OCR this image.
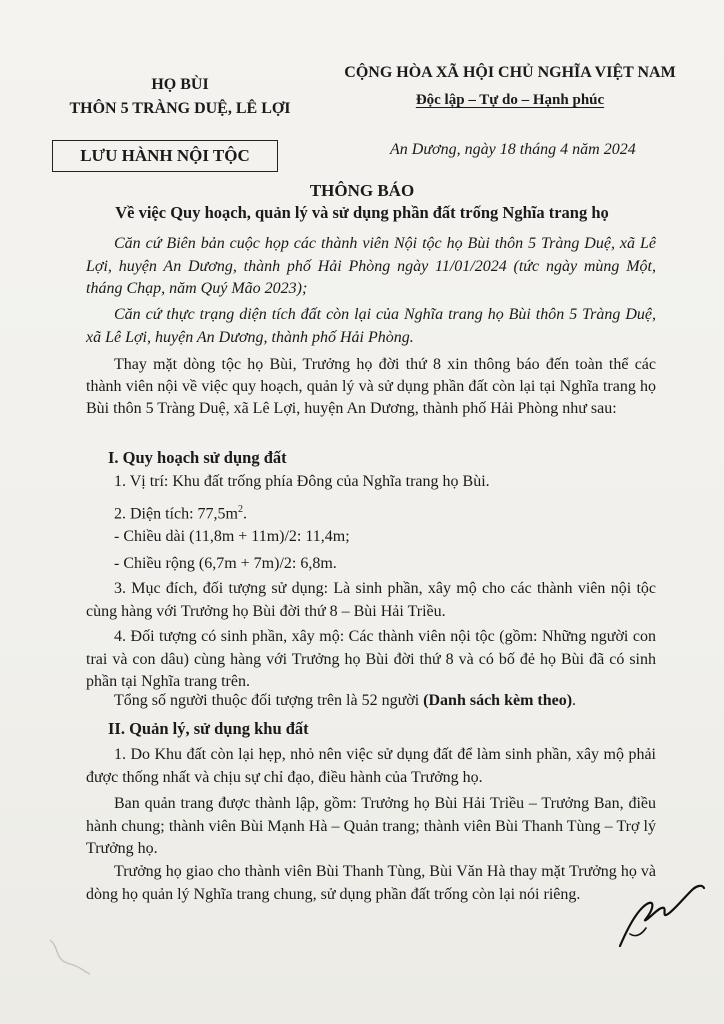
HỌ BÙI
THÔN 5 TRÀNG DUỆ, LÊ LỢI
CỘNG HÒA XÃ HỘI CHỦ NGHĨA VIỆT NAM
Độc lập – Tự do – Hạnh phúc
LƯU HÀNH NỘI TỘC	An Dương, ngày 18 tháng 4 năm 2024
THÔNG BÁO
Về việc Quy hoạch, quản lý và sử dụng phần đất trống Nghĩa trang họ
Căn cứ Biên bản cuộc họp các thành viên Nội tộc họ Bùi thôn 5 Tràng Duệ, xã Lê Lợi, huyện An Dương, thành phố Hải Phòng ngày 11/01/2024 (tức ngày mùng Một, tháng Chạp, năm Quý Mão 2023);
Căn cứ thực trạng diện tích đất còn lại của Nghĩa trang họ Bùi thôn 5 Tràng Duệ, xã Lê Lợi, huyện An Dương, thành phố Hải Phòng.
Thay mặt dòng tộc họ Bùi, Trưởng họ đời thứ 8 xin thông báo đến toàn thể các thành viên nội về việc quy hoạch, quản lý và sử dụng phần đất còn lại tại Nghĩa trang họ Bùi thôn 5 Tràng Duệ, xã Lê Lợi, huyện An Dương, thành phố Hải Phòng như sau:
I. Quy hoạch sử dụng đất
1. Vị trí: Khu đất trống phía Đông của Nghĩa trang họ Bùi.
2. Diện tích: $77,5m^2$.
- Chiều dài (11,8m + 11m)/2: 11,4m;
- Chiều rộng (6,7m + 7m)/2: 6,8m.
3. Mục đích, đối tượng sử dụng: Là sinh phần, xây mộ cho các thành viên nội tộc cùng hàng với Trưởng họ Bùi đời thứ 8 – Bùi Hải Triều.
4. Đối tượng có sinh phần, xây mộ: Các thành viên nội tộc (gồm: Những người con trai và con dâu) cùng hàng với Trưởng họ Bùi đời thứ 8 và có bố đẻ họ Bùi đã có sinh phần tại Nghĩa trang trên.
Tổng số người thuộc đối tượng trên là 52 người (Danh sách kèm theo).
II. Quản lý, sử dụng khu đất
1. Do Khu đất còn lại hẹp, nhỏ nên việc sử dụng đất để làm sinh phần, xây mộ phải được thống nhất và chịu sự chỉ đạo, điều hành của Trưởng họ.
Ban quản trang được thành lập, gồm: Trưởng họ Bùi Hải Triều – Trưởng Ban, điều hành chung; thành viên Bùi Mạnh Hà – Quản trang; thành viên Bùi Thanh Tùng – Trợ lý Trưởng họ.
Trưởng họ giao cho thành viên Bùi Thanh Tùng, Bùi Văn Hà thay mặt Trưởng họ và dòng họ quản lý Nghĩa trang chung, sử dụng phần đất trống còn lại nói riêng.
